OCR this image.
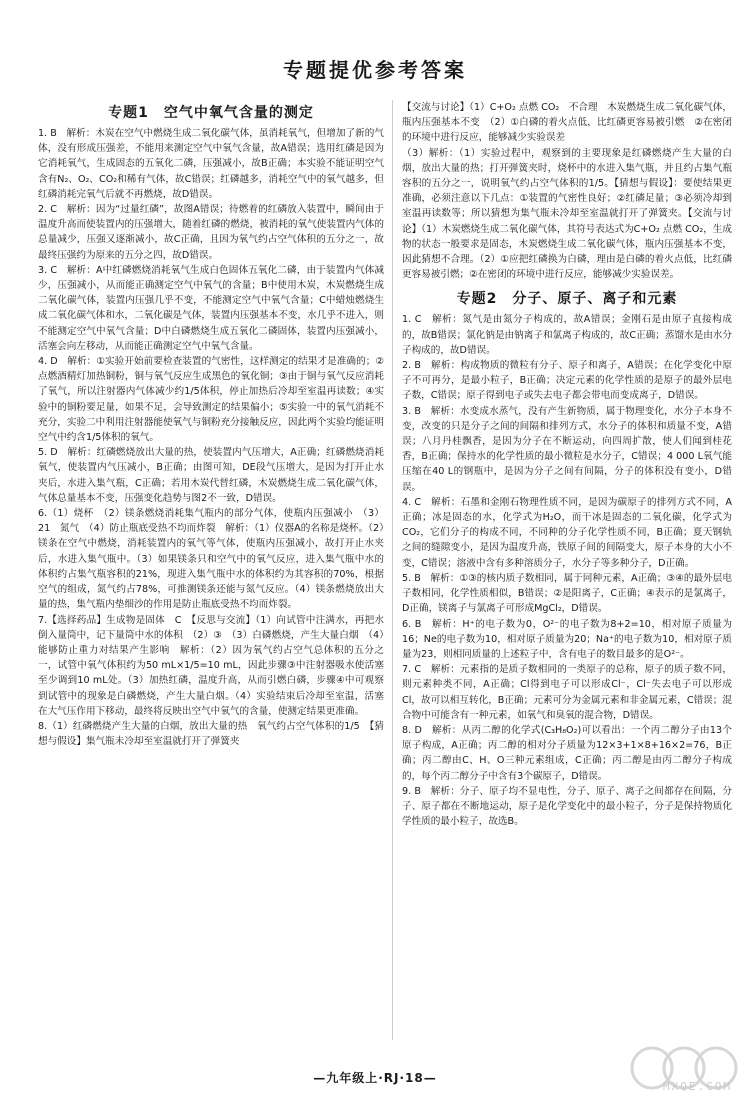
专题提优参考答案
专题1　空气中氧气含量的测定

1. B　解析：木炭在空气中燃烧生成二氧化碳气体，虽消耗氧气，但增加了新的气体，没有形成压强差，不能用来测定空气中氧气含量，故A错误；选用红磷是因为它消耗氧气，生成固态的五氧化二磷，压强减小，故B正确；本实验不能证明空气含有N₂、O₂、CO₂和稀有气体，故C错误；红磷越多，消耗空气中的氧气越多，但红磷消耗完氧气后就不再燃烧，故D错误。

2. C　解析：因为“过量红磷”，故图A错误；待燃着的红磷放入装置中，瞬间由于温度升高而使装置内的压强增大，随着红磷的燃烧，被消耗的氧气使装置内气体的总量减少，压强又逐渐减小，故C正确，且因为氧气约占空气体积的五分之一，故最终压强约为原来的五分之四，故D错误。

3. C　解析：A中红磷燃烧消耗氧气生成白色固体五氧化二磷，由于装置内气体减少，压强减小，从而能正确测定空气中氧气的含量；B中使用木炭，木炭燃烧生成二氧化碳气体，装置内压强几乎不变，不能测定空气中氧气含量；C中蜡烛燃烧生成二氧化碳气体和水，二氧化碳是气体，装置内压强基本不变，水几乎不进入，则不能测定空气中氧气含量；D中白磷燃烧生成五氧化二磷固体，装置内压强减小，活塞会向左移动，从而能正确测定空气中氧气含量。

4. D　解析：①实验开始前要检查装置的气密性，这样测定的结果才是准确的；②点燃酒精灯加热铜粉，铜与氧气反应生成黑色的氧化铜；③由于铜与氧气反应消耗了氧气，所以注射器内气体减少约1/5体积，停止加热后冷却至室温再读数；④实验中的铜粉要足量，如果不足，会导致测定的结果偏小；⑤实验一中的氧气消耗不充分，实验二中利用注射器能使氧气与铜粉充分接触反应，因此两个实验均能证明空气中约含1/5体积的氧气。

5. D　解析：红磷燃烧放出大量的热，使装置内气压增大，A正确；红磷燃烧消耗氧气，使装置内气压减小，B正确；由图可知，DE段气压增大，是因为打开止水夹后，水进入集气瓶，C正确；若用木炭代替红磷，木炭燃烧生成二氧化碳气体，气体总量基本不变，压强变化趋势与图2不一致，D错误。

6.（1）烧杯　（2）镁条燃烧消耗集气瓶内的部分气体，使瓶内压强减小　（3）21　氮气　（4）防止瓶底受热不均而炸裂　解析：（1）仪器A的名称是烧杯。（2）镁条在空气中燃烧，消耗装置内的氧气等气体，使瓶内压强减小，故打开止水夹后，水进入集气瓶中。（3）如果镁条只和空气中的氧气反应，进入集气瓶中水的体积约占集气瓶容积的21%，现进入集气瓶中水的体积约为其容积的70%，根据空气的组成，氮气约占78%，可推测镁条还能与氮气反应。（4）镁条燃烧放出大量的热，集气瓶内垫细沙的作用是防止瓶底受热不均而炸裂。

7.【选择药品】生成物是固体　C　【反思与交流】（1）向试管中注满水，再把水倒入量筒中，记下量筒中水的体积　（2）③　（3）白磷燃烧，产生大量白烟　（4）能够防止重力对结果产生影响　解析：（2）因为氧气约占空气总体积的五分之一，试管中氧气体积约为50 mL×1/5=10 mL，因此步骤③中注射器吸水使活塞至少调到10 mL处。（3）加热红磷，温度升高，从而引燃白磷，步骤④中可观察到试管中的现象是白磷燃烧，产生大量白烟。（4）实验结束后冷却至室温，活塞在大气压作用下移动，最终将反映出空气中氧气的含量，使测定结果更准确。

8.（1）红磷燃烧产生大量的白烟，放出大量的热　氧气约占空气体积的1/5　【猜想与假设】集气瓶未冷却至室温就打开了弹簧夹

【交流与讨论】（1）C+O₂ 点燃 CO₂　不合理　木炭燃烧生成二氧化碳气体，瓶内压强基本不变　（2）①白磷的着火点低，比红磷更容易被引燃　②在密闭的环境中进行反应，能够减少实验误差

（3）解析：（1）实验过程中，观察到的主要现象是红磷燃烧产生大量的白烟，放出大量的热；打开弹簧夹时，烧杯中的水进入集气瓶，并且约占集气瓶容积的五分之一，说明氧气约占空气体积的1/5。【猜想与假设】：要使结果更准确，必须注意以下几点：①装置的气密性良好；②红磷足量；③必须冷却到室温再读数等；所以猜想为集气瓶未冷却至室温就打开了弹簧夹。【交流与讨论】（1）木炭燃烧生成二氧化碳气体，其符号表达式为C+O₂ 点燃 CO₂，生成物的状态一般要求是固态，木炭燃烧生成二氧化碳气体，瓶内压强基本不变，因此猜想不合理。（2）①应把红磷换为白磷，理由是白磷的着火点低，比红磷更容易被引燃；②在密闭的环境中进行反应，能够减少实验误差。

专题2　分子、原子、离子和元素

1. C　解析：氮气是由氮分子构成的，故A错误；金刚石是由原子直接构成的，故B错误；氯化钠是由钠离子和氯离子构成的，故C正确；蒸馏水是由水分子构成的，故D错误。

2. B　解析：构成物质的微粒有分子、原子和离子，A错误；在化学变化中原子不可再分，是最小粒子，B正确；决定元素的化学性质的是原子的最外层电子数，C错误；原子得到电子或失去电子都会带电而变成离子，D错误。

3. B　解析：水变成水蒸气，没有产生新物质，属于物理变化，水分子本身不变，改变的只是分子之间的间隔和排列方式，水分子的体积和质量不变，A错误；八月丹桂飘香，是因为分子在不断运动，向四周扩散，使人们闻到桂花香，B正确；保持水的化学性质的最小微粒是水分子，C错误；4 000 L氧气能压缩在40 L的钢瓶中，是因为分子之间有间隔，分子的体积没有变小，D错误。

4. C　解析：石墨和金刚石物理性质不同，是因为碳原子的排列方式不同，A正确；冰是固态的水，化学式为H₂O，而干冰是固态的二氧化碳，化学式为CO₂，它们分子的构成不同，不同种的分子化学性质不同，B正确；夏天钢轨之间的缝隙变小，是因为温度升高，铁原子间的间隔变大，原子本身的大小不变，C错误；溶液中含有多种溶质分子，水分子等多种分子，D正确。

5. B　解析：①③的核内质子数相同，属于同种元素，A正确；③④的最外层电子数相同，化学性质相似，B错误；②是阳离子，C正确；④表示的是氯离子，D正确，镁离子与氯离子可形成MgCl₂，D错误。

6. B　解析：H⁺的电子数为0，O²⁻的电子数为8+2=10，相对原子质量为16；Ne的电子数为10，相对原子质量为20；Na⁺的电子数为10，相对原子质量为23，则相同质量的上述粒子中，含有电子的数目最多的是O²⁻。

7. C　解析：元素指的是质子数相同的一类原子的总称，原子的质子数不同，则元素种类不同，A正确；Cl得到电子可以形成Cl⁻，Cl⁻失去电子可以形成Cl，故可以相互转化，B正确；元素可分为金属元素和非金属元素，C错误；混合物中可能含有一种元素，如氧气和臭氧的混合物，D错误。

8. D　解析：从丙二醇的化学式(C₃H₈O₂)可以看出：一个丙二醇分子由13个原子构成，A正确；丙二醇的相对分子质量为12×3+1×8+16×2=76，B正确；丙二醇由C、H、O三种元素组成，C正确；丙二醇是由丙二醇分子构成的，每个丙二醇分子中含有3个碳原子，D错误。

9. B　解析：分子、原子均不显电性，分子、原子、离子之间都存在间隔，分子、原子都在不断地运动，原子是化学变化中的最小粒子，分子是保持物质化学性质的最小粒子，故选B。

—九年级上·RJ·18—
MXQE.COM
